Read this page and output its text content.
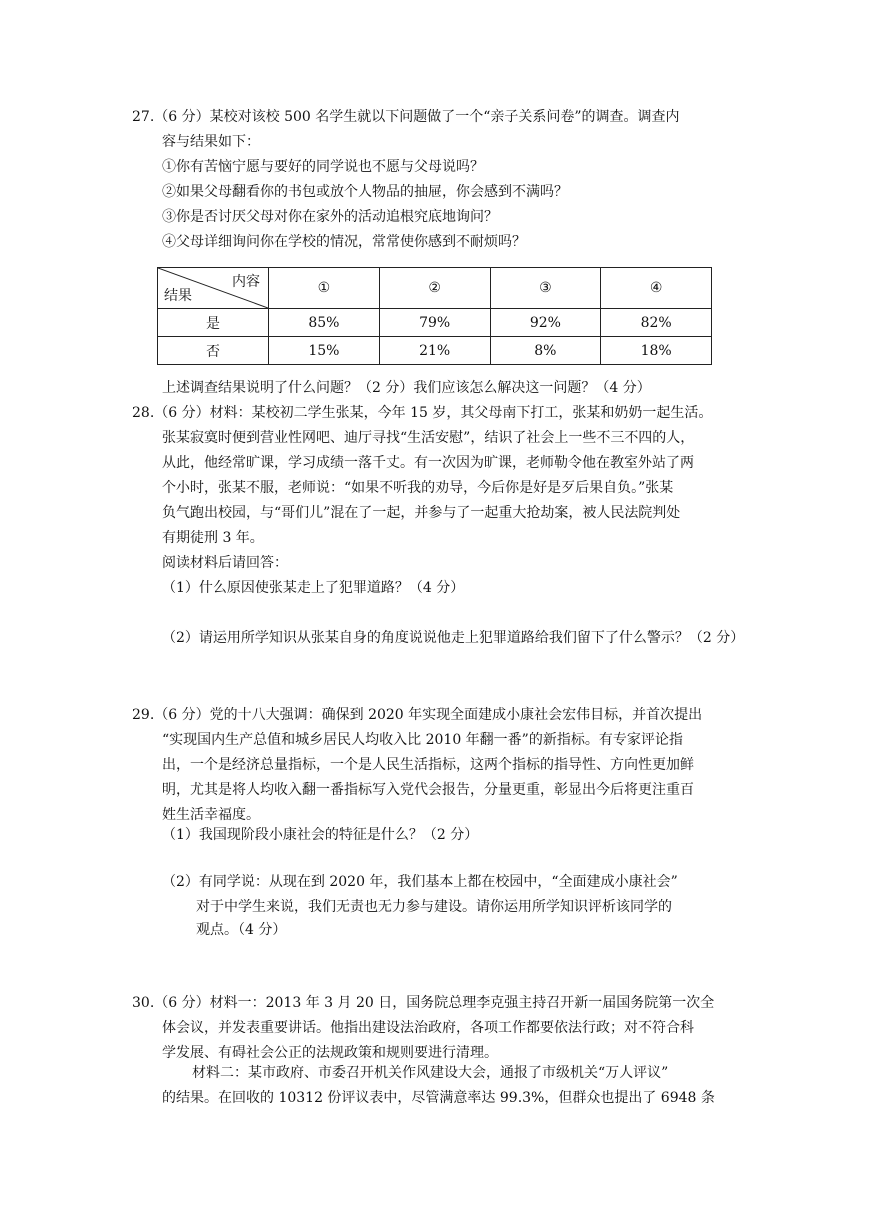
27.（6 分）某校对该校 500 名学生就以下问题做了一个“亲子关系问卷”的调查。调查内
容与结果如下：
①你有苦恼宁愿与要好的同学说也不愿与父母说吗？
②如果父母翻看你的书包或放个人物品的抽屉，你会感到不满吗？
③你是否讨厌父母对你在家外的活动追根究底地询问？
④父母详细询问你在学校的情况，常常使你感到不耐烦吗？
内容
结果	①	②	③	④
是	85%	79%	92%	82%
否	15%	21%	8%	18%
上述调查结果说明了什么问题？（2 分）我们应该怎么解决这一问题？（4 分）
28.（6 分）材料：某校初二学生张某，今年 15 岁，其父母南下打工，张某和奶奶一起生活。
张某寂寞时便到营业性网吧、迪厅寻找“生活安慰”，结识了社会上一些不三不四的人，
从此，他经常旷课，学习成绩一落千丈。有一次因为旷课，老师勒令他在教室外站了两
个小时，张某不服，老师说：“如果不听我的劝导，今后你是好是歹后果自负。”张某
负气跑出校园，与“哥们儿”混在了一起，并参与了一起重大抢劫案，被人民法院判处
有期徒刑 3 年。
阅读材料后请回答：
（1）什么原因使张某走上了犯罪道路？（4 分）
（2）请运用所学知识从张某自身的角度说说他走上犯罪道路给我们留下了什么警示？（2 分）
29.（6 分）党的十八大强调：确保到 2020 年实现全面建成小康社会宏伟目标，并首次提出
“实现国内生产总值和城乡居民人均收入比 2010 年翻一番”的新指标。有专家评论指
出，一个是经济总量指标，一个是人民生活指标，这两个指标的指导性、方向性更加鲜
明，尤其是将人均收入翻一番指标写入党代会报告，分量更重，彰显出今后将更注重百
姓生活幸福度。
（1）我国现阶段小康社会的特征是什么？（2 分）
（2）有同学说：从现在到 2020 年，我们基本上都在校园中，“全面建成小康社会”
对于中学生来说，我们无责也无力参与建设。请你运用所学知识评析该同学的
观点。（4 分）
30.（6 分）材料一：2013 年 3 月 20 日，国务院总理李克强主持召开新一届国务院第一次全
体会议，并发表重要讲话。他指出建设法治政府，各项工作都要依法行政；对不符合科
学发展、有碍社会公正的法规政策和规则要进行清理。
材料二：某市政府、市委召开机关作风建设大会，通报了市级机关“万人评议”
的结果。在回收的 10312 份评议表中，尽管满意率达 99.3%，但群众也提出了 6948 条
